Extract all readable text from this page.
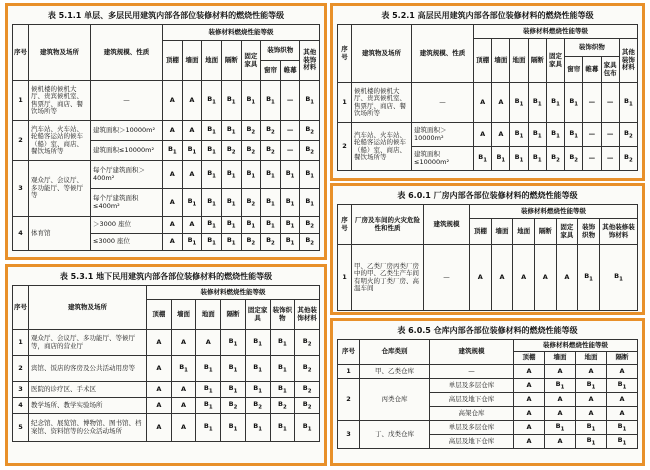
表 5.1.1 单层、多层民用建筑内部各部位装修材料的燃烧性能等级
序号	建筑物及场所	建筑规模、性质	装修材料燃烧性能等级							
			顶棚	墙面	地面	隔断	固定家具	装饰织物		其他装饰材料
								窗帘	帷幕	
1	候机楼的候机大厅、贵宾候机室、售票厅、商店、餐饮场所等	—	A	A	$B_1$	$B_1$	$B_1$	$B_1$	—	$B_1$
2	汽车站、火车站、轮船客运站的候车（船）室、商店、餐饮场所等	建筑面积＞10000m²	A	A	$B_1$	$B_1$	$B_2$	$B_2$	—	$B_2$
		建筑面积≤10000m²	$B_1$	$B_1$	$B_1$	$B_2$	$B_2$	$B_2$	—	$B_2$
3	观众厅、会议厅、多功能厅、等候厅等	每个厅建筑面积＞400m²	A	A	$B_1$	$B_1$	$B_1$	$B_1$	$B_1$	$B_1$
		每个厅建筑面积≤400m²	A	$B_1$	$B_1$	$B_1$	$B_2$	$B_1$	$B_1$	$B_1$
4	体育馆	＞3000 座位	A	A	$B_1$	$B_1$	$B_1$	$B_1$	$B_1$	$B_2$
		≤3000 座位	A	$B_1$	$B_1$	$B_1$	$B_2$	$B_2$	$B_1$	$B_2$
表 5.2.1 高层民用建筑内部各部位装修材料的燃烧性能等级
序号	建筑物及场所	建筑规模、性质	装修材料燃烧性能等级								
			顶棚	墙面	地面	隔断	固定家具	装饰织物			其他装饰材料
								窗帘	帷幕	家具包布	
1	候机楼的候机大厅、贵宾候机室、售票厅、商店、餐饮场所等	—	A	A	$B_1$	$B_1$	$B_1$	$B_1$	—	—	$B_1$
2	汽车站、火车站、轮船客运站的候车（船）室、商店、餐饮场所等	建筑面积＞10000m²	A	A	$B_1$	$B_1$	$B_1$	$B_1$	—	—	$B_2$
		建筑面积≤10000m²	$B_1$	$B_1$	$B_1$	$B_1$	$B_2$	$B_2$	—	—	$B_2$
表 6.0.1 厂房内部各部位装修材料的燃烧性能等级
序号	厂房及车间的火灾危险性和性质	建筑规模	装修材料燃烧性能等级						
			顶棚	墙面	地面	隔断	固定家具	装饰织物	其他装修装饰材料
1	甲、乙类厂房丙类厂房中的甲、乙类生产车间有明火的丁类厂房、高温车间	—	A	A	A	A	A	$B_1$	$B_1$
表 5.3.1 地下民用建筑内部各部位装修材料的燃烧性能等级
序号	建筑物及场所	装修材料燃烧性能等级						
		顶棚	墙面	地面	隔断	固定家具	装饰织物	其他装饰材料
1	观众厅、会议厅、多功能厅、等候厅等，商店的营业厅	A	A	A	$B_1$	$B_1$	$B_1$	$B_2$
2	宾馆、饭店的客房及公共活动用房等	A	$B_1$	$B_1$	$B_1$	$B_1$	$B_1$	$B_2$
3	医院的诊疗区、手术区	A	A	$B_1$	$B_1$	$B_1$	$B_1$	$B_2$
4	教学场所、教学实验场所	A	A	$B_1$	$B_2$	$B_2$	$B_2$	$B_2$
5	纪念馆、展览馆、博物馆、图书馆、档案馆、资料馆等的公众活动场所	A	A	$B_1$	$B_1$	$B_1$	$B_1$	$B_1$
表 6.0.5 仓库内部各部位装修材料的燃烧性能等级
序号	仓库类别	建筑规模	装修材料燃烧性能等级			
			顶棚	墙面	地面	隔断
1	甲、乙类仓库	—	A	A	A	A
2	丙类仓库	单层及多层仓库	A	$B_1$	$B_1$	$B_1$
		高层及地下仓库	A	A	A	A
		高架仓库	A	A	A	A
3	丁、戊类仓库	单层及多层仓库	A	$B_1$	$B_1$	$B_1$
		高层及地下仓库	A	A	$B_1$	$B_1$
